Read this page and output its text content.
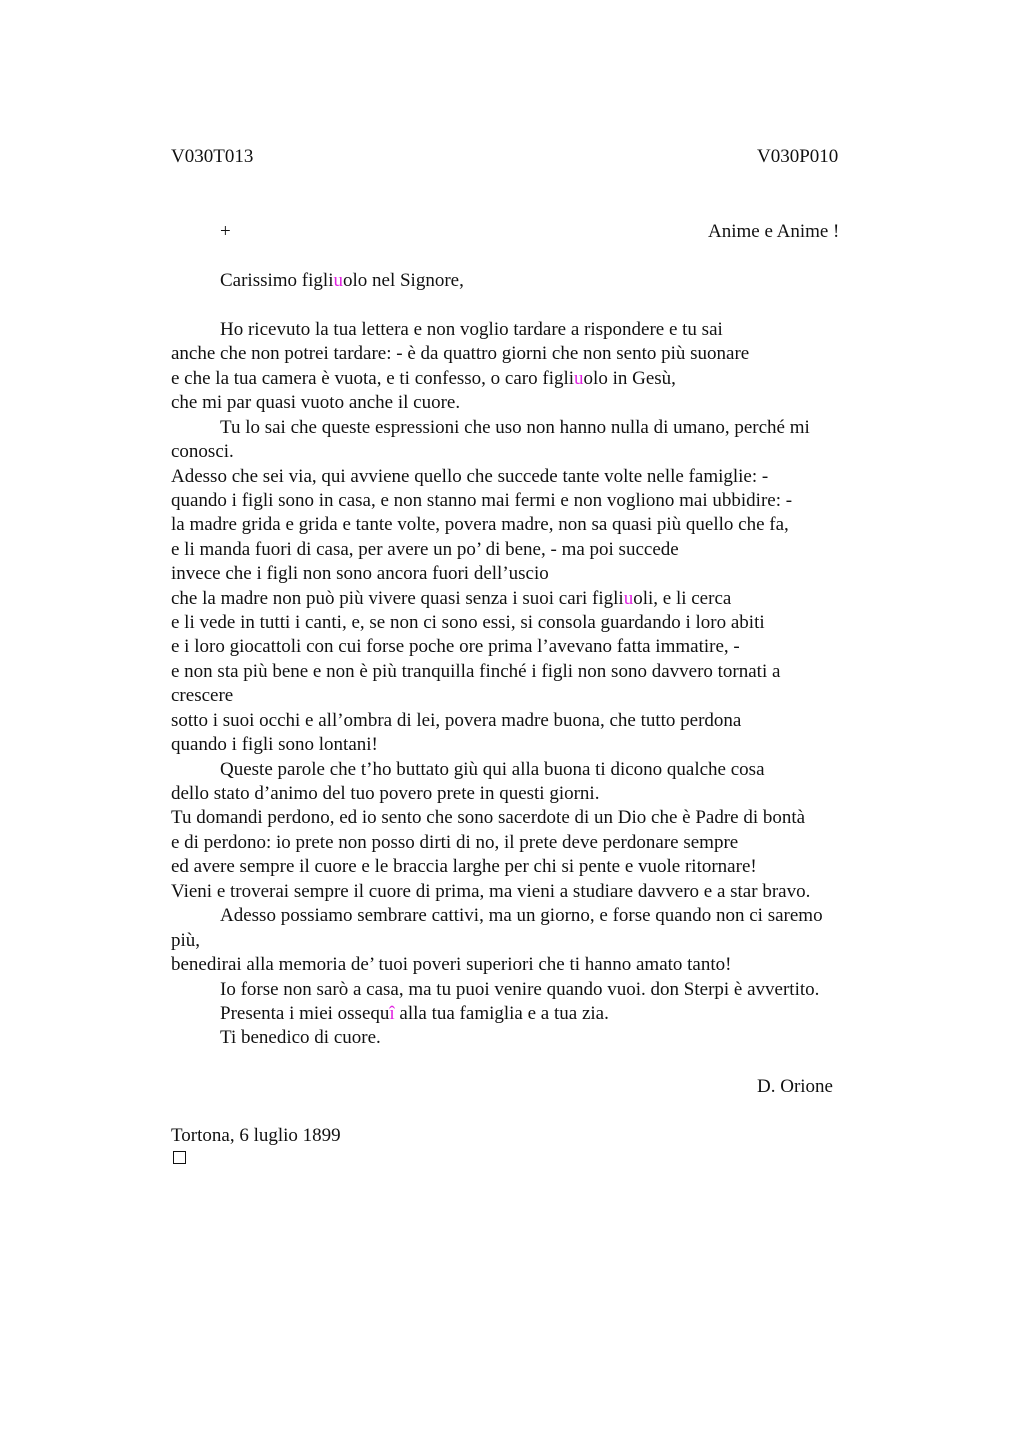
V030T013	V030P010
+	Anime e Anime !
Carissimo figliuolo nel Signore,
Ho ricevuto la tua lettera e non voglio tardare a rispondere e tu sai
anche che non potrei tardare: - è da quattro giorni che non sento più suonare
e che la tua camera è vuota, e ti confesso, o caro figliuolo in Gesù,
che mi par quasi vuoto anche il cuore.
Tu lo sai che queste espressioni che uso non hanno nulla di umano, perché mi
conosci.
Adesso che sei via, qui avviene quello che succede tante volte nelle famiglie: -
quando i figli sono in casa, e non stanno mai fermi e non vogliono mai ubbidire: -
la madre grida e grida e tante volte, povera madre, non sa quasi più quello che fa,
e li manda fuori di casa, per avere un po’ di bene, - ma poi succede
invece che i figli non sono ancora fuori dell’uscio
che la madre non può più vivere quasi senza i suoi cari figliuoli, e li cerca
e li vede in tutti i canti, e, se non ci sono essi, si consola guardando i loro abiti
e i loro giocattoli con cui forse poche ore prima l’avevano fatta immatire, -
e non sta più bene e non è più tranquilla finché i figli non sono davvero tornati a
crescere
sotto i suoi occhi e all’ombra di lei, povera madre buona, che tutto perdona
quando i figli sono lontani!
Queste parole che t’ho buttato giù qui alla buona ti dicono qualche cosa
dello stato d’animo del tuo povero prete in questi giorni.
Tu domandi perdono, ed io sento che sono sacerdote di un Dio che è Padre di bontà
e di perdono: io prete non posso dirti di no, il prete deve perdonare sempre
ed avere sempre il cuore e le braccia larghe per chi si pente e vuole ritornare!
Vieni e troverai sempre il cuore di prima, ma vieni a studiare davvero e a star bravo.
Adesso possiamo sembrare cattivi, ma un giorno, e forse quando non ci saremo
più,
benedirai alla memoria de’ tuoi poveri superiori che ti hanno amato tanto!
Io forse non sarò a casa, ma tu puoi venire quando vuoi. don Sterpi è avvertito.
Presenta i miei ossequî alla tua famiglia e a tua zia.
Ti benedico di cuore.
D. Orione
Tortona, 6 luglio 1899
